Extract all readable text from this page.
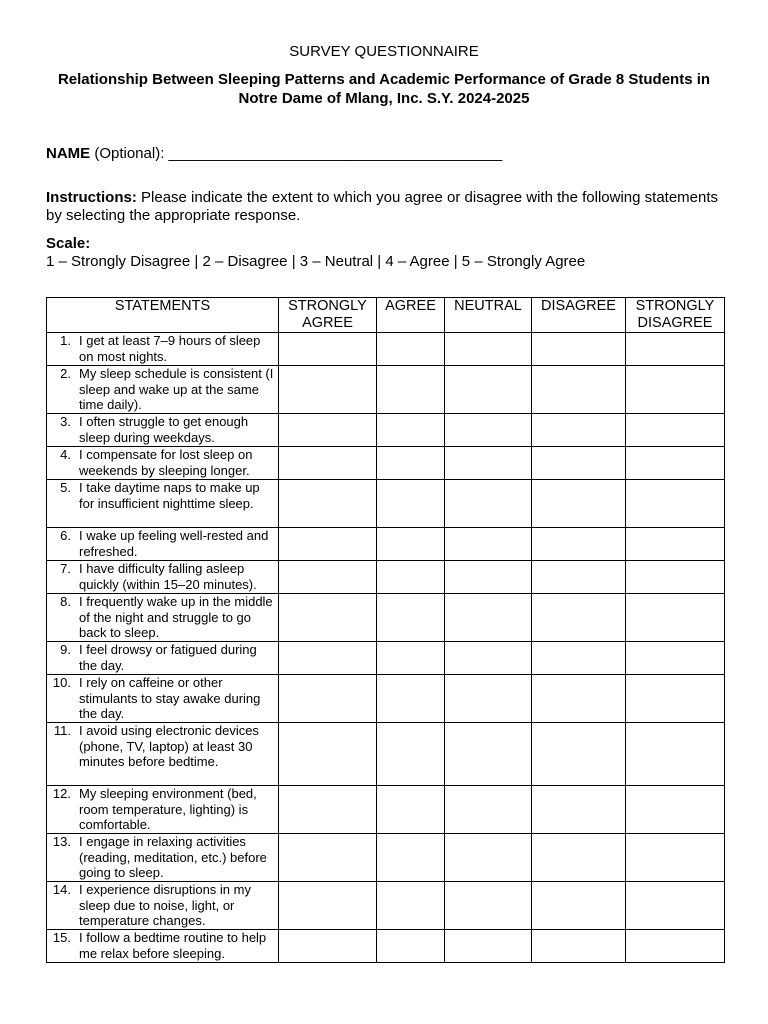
SURVEY QUESTIONNAIRE
Relationship Between Sleeping Patterns and Academic Performance of Grade 8 Students in Notre Dame of Mlang, Inc. S.Y. 2024-2025
NAME (Optional): ________________________________________
Instructions: Please indicate the extent to which you agree or disagree with the following statements by selecting the appropriate response.
Scale:
1 – Strongly Disagree | 2 – Disagree | 3 – Neutral | 4 – Agree | 5 – Strongly Agree
STATEMENTS	STRONGLY AGREE	AGREE	NEUTRAL	DISAGREE	STRONGLY DISAGREE

1. I get at least 7–9 hours of sleep on most nights.					

2. My sleep schedule is consistent (I sleep and wake up at the same time daily).					

3. I often struggle to get enough sleep during weekdays.					

4. I compensate for lost sleep on weekends by sleeping longer.					

5. I take daytime naps to make up for insufficient nighttime sleep.					

6. I wake up feeling well-rested and refreshed.					

7. I have difficulty falling asleep quickly (within 15–20 minutes).					

8. I frequently wake up in the middle of the night and struggle to go back to sleep.					

9. I feel drowsy or fatigued during the day.					

10. I rely on caffeine or other stimulants to stay awake during the day.					

11. I avoid using electronic devices (phone, TV, laptop) at least 30 minutes before bedtime.					

12. My sleeping environment (bed, room temperature, lighting) is comfortable.					

13. I engage in relaxing activities (reading, meditation, etc.) before going to sleep.					

14. I experience disruptions in my sleep due to noise, light, or temperature changes.					

15. I follow a bedtime routine to help me relax before sleeping.					
